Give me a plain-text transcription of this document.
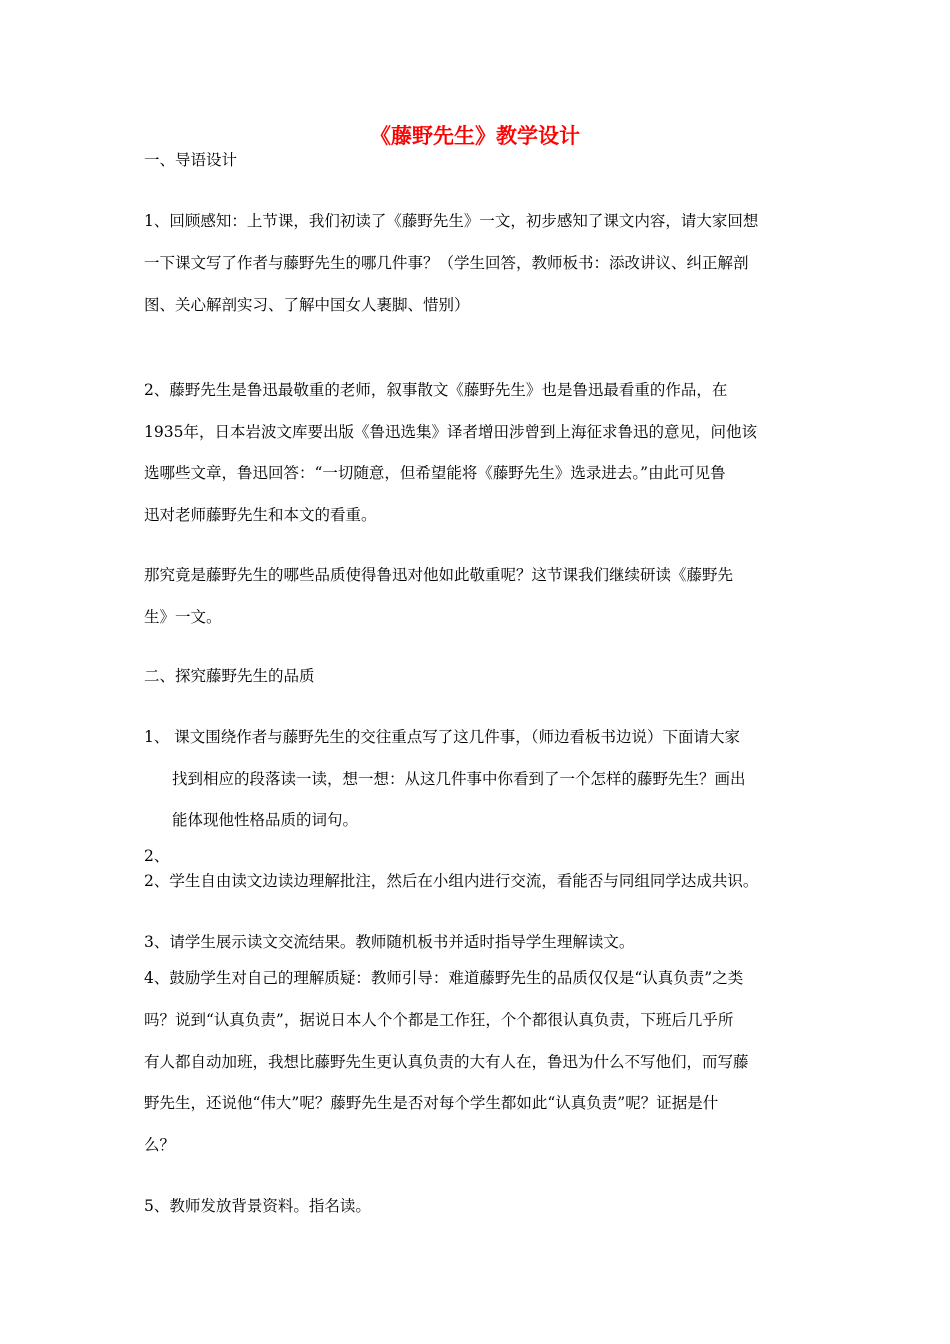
《藤野先生》教学设计
一、导语设计
1、回顾感知：上节课，我们初读了《藤野先生》一文，初步感知了课文内容，请大家回想
一下课文写了作者与藤野先生的哪几件事？（学生回答，教师板书：添改讲议、纠正解剖
图、关心解剖实习、了解中国女人裹脚、惜别）
2、藤野先生是鲁迅最敬重的老师，叙事散文《藤野先生》也是鲁迅最看重的作品，在
1935年，日本岩波文库要出版《鲁迅选集》译者增田涉曾到上海征求鲁迅的意见，问他该
选哪些文章，鲁迅回答：“一切随意，但希望能将《藤野先生》选录进去。”由此可见鲁
迅对老师藤野先生和本文的看重。
那究竟是藤野先生的哪些品质使得鲁迅对他如此敬重呢？这节课我们继续研读《藤野先
生》一文。
二、探究藤野先生的品质
1、 课文围绕作者与藤野先生的交往重点写了这几件事，（师边看板书边说）下面请大家
找到相应的段落读一读，想一想：从这几件事中你看到了一个怎样的藤野先生？画出
能体现他性格品质的词句。
2、
2、学生自由读文边读边理解批注，然后在小组内进行交流，看能否与同组同学达成共识。
3、请学生展示读文交流结果。教师随机板书并适时指导学生理解读文。
4、鼓励学生对自己的理解质疑：教师引导：难道藤野先生的品质仅仅是“认真负责”之类
吗？说到“认真负责”，据说日本人个个都是工作狂，个个都很认真负责，下班后几乎所
有人都自动加班，我想比藤野先生更认真负责的大有人在，鲁迅为什么不写他们，而写藤
野先生，还说他“伟大”呢？藤野先生是否对每个学生都如此“认真负责”呢？证据是什
么？
5、教师发放背景资料。指名读。
